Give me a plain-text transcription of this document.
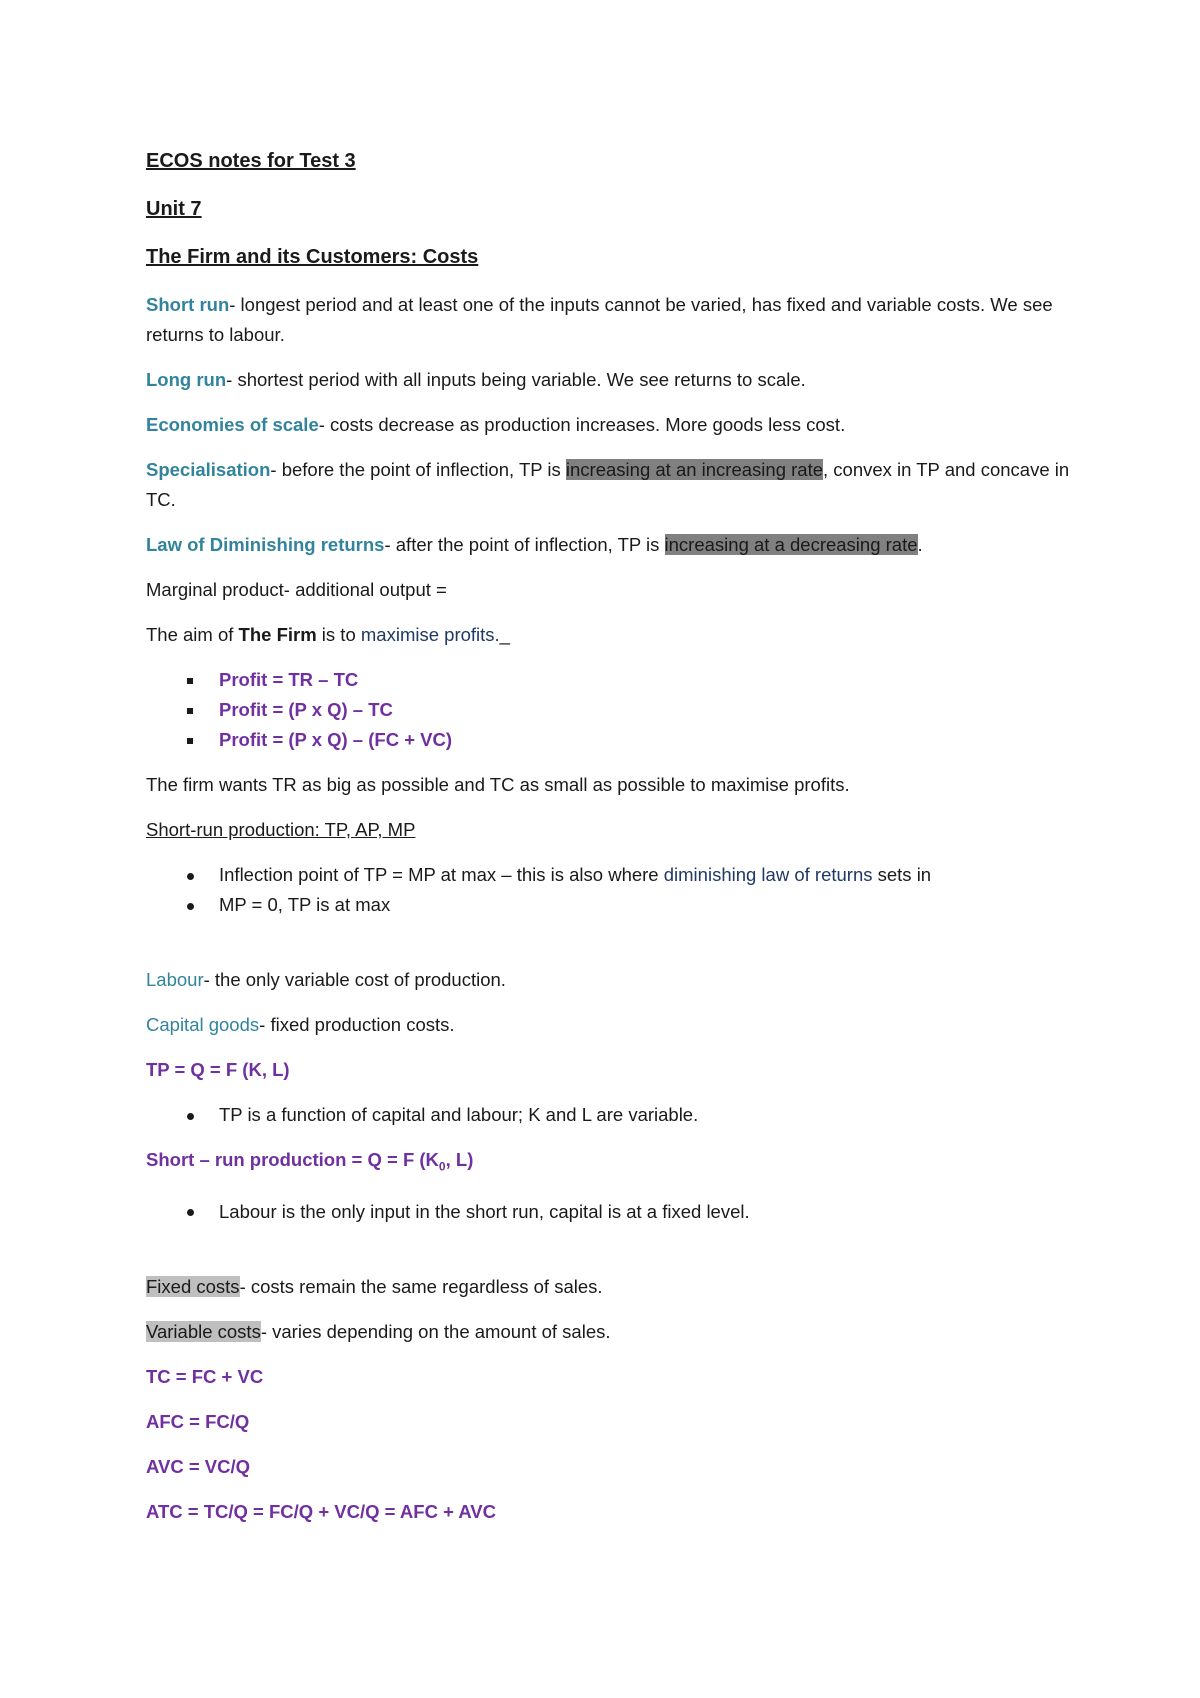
ECOS notes for Test 3

Unit 7

The Firm and its Customers: Costs

Short run- longest period and at least one of the inputs cannot be varied, has fixed and variable costs. We see returns to labour.

Long run- shortest period with all inputs being variable. We see returns to scale.

Economies of scale- costs decrease as production increases. More goods less cost.

Specialisation- before the point of inflection, TP is increasing at an increasing rate, convex in TP and concave in TC.

Law of Diminishing returns- after the point of inflection, TP is increasing at a decreasing rate.

Marginal product- additional output =

The aim of The Firm is to maximise profits._

Profit = TR – TC
Profit = (P x Q) – TC
Profit = (P x Q) – (FC + VC)

The firm wants TR as big as possible and TC as small as possible to maximise profits.

Short-run production: TP, AP, MP

Inflection point of TP = MP at max – this is also where diminishing law of returns sets in
MP = 0, TP is at max

Labour- the only variable cost of production.

Capital goods- fixed production costs.

TP = Q = F (K, L)

TP is a function of capital and labour; K and L are variable.

Short – run production = Q = F ($K_0$, L)

Labour is the only input in the short run, capital is at a fixed level.

Fixed costs- costs remain the same regardless of sales.

Variable costs- varies depending on the amount of sales.

TC = FC + VC

AFC = FC/Q

AVC = VC/Q

ATC = TC/Q = FC/Q + VC/Q = AFC + AVC
